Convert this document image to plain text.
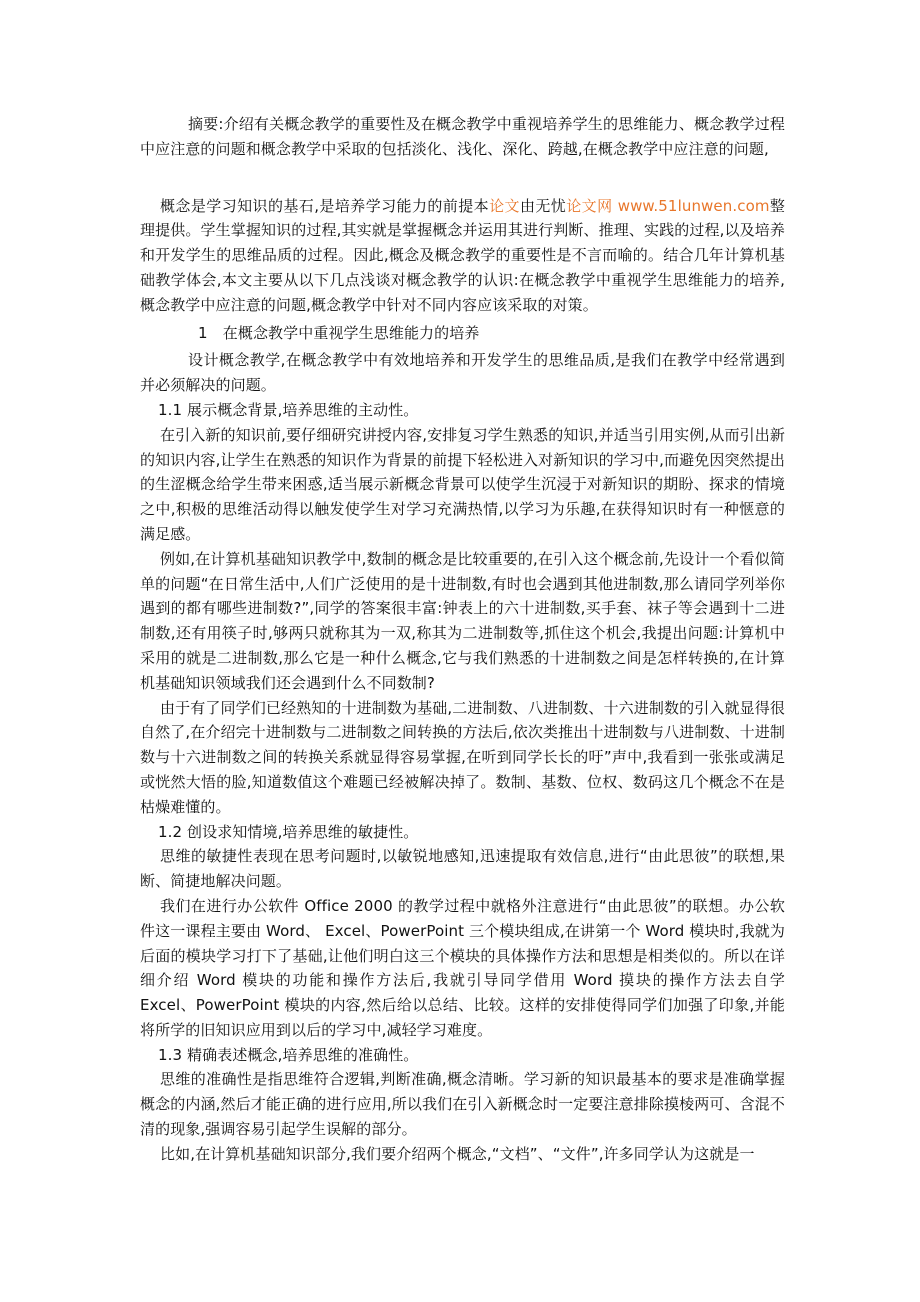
摘要:介绍有关概念教学的重要性及在概念教学中重视培养学生的思维能力、概念教学过程中应注意的问题和概念教学中采取的包括淡化、浅化、深化、跨越,在概念教学中应注意的问题,

概念是学习知识的基石,是培养学习能力的前提本论文由无忧论文网 www.51lunwen.com整理提供。学生掌握知识的过程,其实就是掌握概念并运用其进行判断、推理、实践的过程,以及培养和开发学生的思维品质的过程。因此,概念及概念教学的重要性是不言而喻的。结合几年计算机基础教学体会,本文主要从以下几点浅谈对概念教学的认识:在概念教学中重视学生思维能力的培养,概念教学中应注意的问题,概念教学中针对不同内容应该采取的对策。

1　在概念教学中重视学生思维能力的培养

设计概念教学,在概念教学中有效地培养和开发学生的思维品质,是我们在教学中经常遇到并必须解决的问题。

1.1 展示概念背景,培养思维的主动性。

在引入新的知识前,要仔细研究讲授内容,安排复习学生熟悉的知识,并适当引用实例,从而引出新的知识内容,让学生在熟悉的知识作为背景的前提下轻松进入对新知识的学习中,而避免因突然提出的生涩概念给学生带来困惑,适当展示新概念背景可以使学生沉浸于对新知识的期盼、探求的情境之中,积极的思维活动得以触发使学生对学习充满热情,以学习为乐趣,在获得知识时有一种惬意的满足感。

例如,在计算机基础知识教学中,数制的概念是比较重要的,在引入这个概念前,先设计一个看似简单的问题“在日常生活中,人们广泛使用的是十进制数,有时也会遇到其他进制数,那么请同学列举你遇到的都有哪些进制数?”,同学的答案很丰富:钟表上的六十进制数,买手套、袜子等会遇到十二进制数,还有用筷子时,够两只就称其为一双,称其为二进制数等,抓住这个机会,我提出问题:计算机中采用的就是二进制数,那么它是一种什么概念,它与我们熟悉的十进制数之间是怎样转换的,在计算机基础知识领域我们还会遇到什么不同数制?

由于有了同学们已经熟知的十进制数为基础,二进制数、八进制数、十六进制数的引入就显得很自然了,在介绍完十进制数与二进制数之间转换的方法后,依次类推出十进制数与八进制数、十进制数与十六进制数之间的转换关系就显得容易掌握,在听到同学长长的吁”声中,我看到一张张或满足或恍然大悟的脸,知道数值这个难题已经被解决掉了。数制、基数、位权、数码这几个概念不在是枯燥难懂的。

1.2 创设求知情境,培养思维的敏捷性。

思维的敏捷性表现在思考问题时,以敏锐地感知,迅速提取有效信息,进行“由此思彼”的联想,果断、简捷地解决问题。

我们在进行办公软件 Office 2000 的教学过程中就格外注意进行“由此思彼”的联想。办公软件这一课程主要由 Word、 Excel、PowerPoint 三个模块组成,在讲第一个 Word 模块时,我就为后面的模块学习打下了基础,让他们明白这三个模块的具体操作方法和思想是相类似的。所以在详细介绍 Word 模块的功能和操作方法后,我就引导同学借用 Word 摸块的操作方法去自学 Excel、PowerPoint 模块的内容,然后给以总结、比较。这样的安排使得同学们加强了印象,并能将所学的旧知识应用到以后的学习中,减轻学习难度。

1.3 精确表述概念,培养思维的准确性。

思维的准确性是指思维符合逻辑,判断准确,概念清晰。学习新的知识最基本的要求是准确掌握概念的内涵,然后才能正确的进行应用,所以我们在引入新概念时一定要注意排除摸棱两可、含混不清的现象,强调容易引起学生误解的部分。

比如,在计算机基础知识部分,我们要介绍两个概念,“文档”、“文件”,许多同学认为这就是一
